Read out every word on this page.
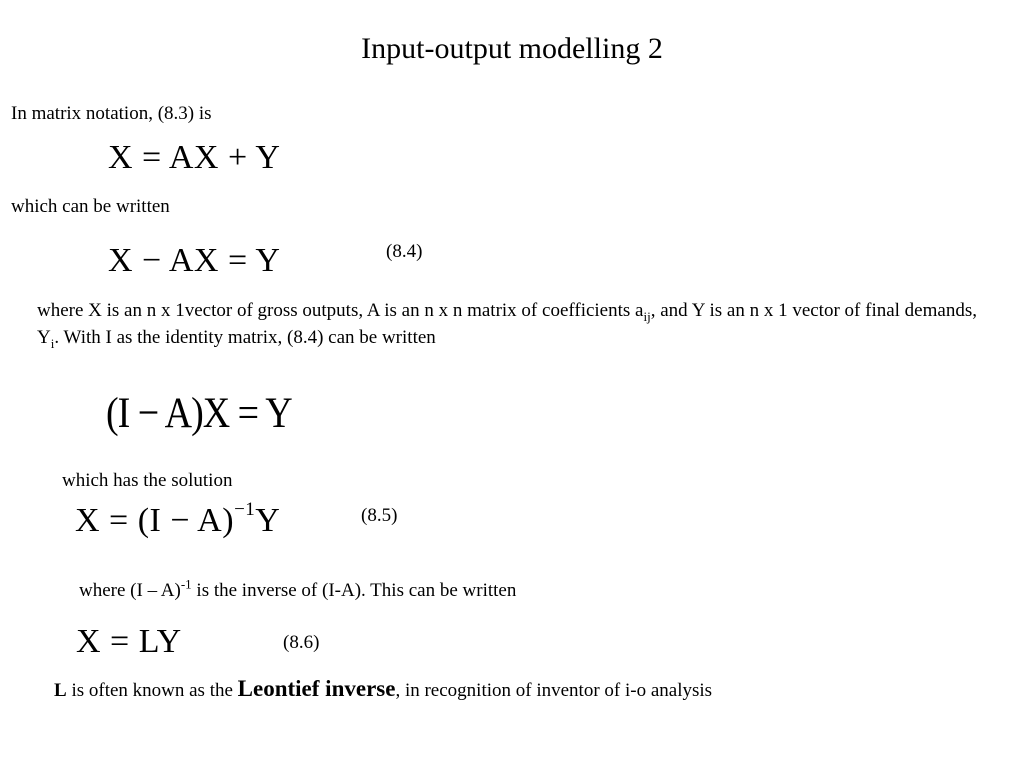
Input-output modelling 2
In matrix notation, (8.3) is
X = AX + Y
which can be written
X − AX = Y	(8.4)
where X is an n x 1vector of gross outputs, A is an n x n matrix of coefficients $a_{ij}$, and Y is an n x 1 vector of final demands, $Y_i$. With I as the identity matrix, (8.4) can be written
(I − A)X = Y
which has the solution
$X = (I - A)^{-1}Y$	(8.5)
where (I – A)$^{-1}$ is the inverse of (I-A). This can be written
X = LY	(8.6)
L is often known as the Leontief inverse, in recognition of inventor of i-o analysis
